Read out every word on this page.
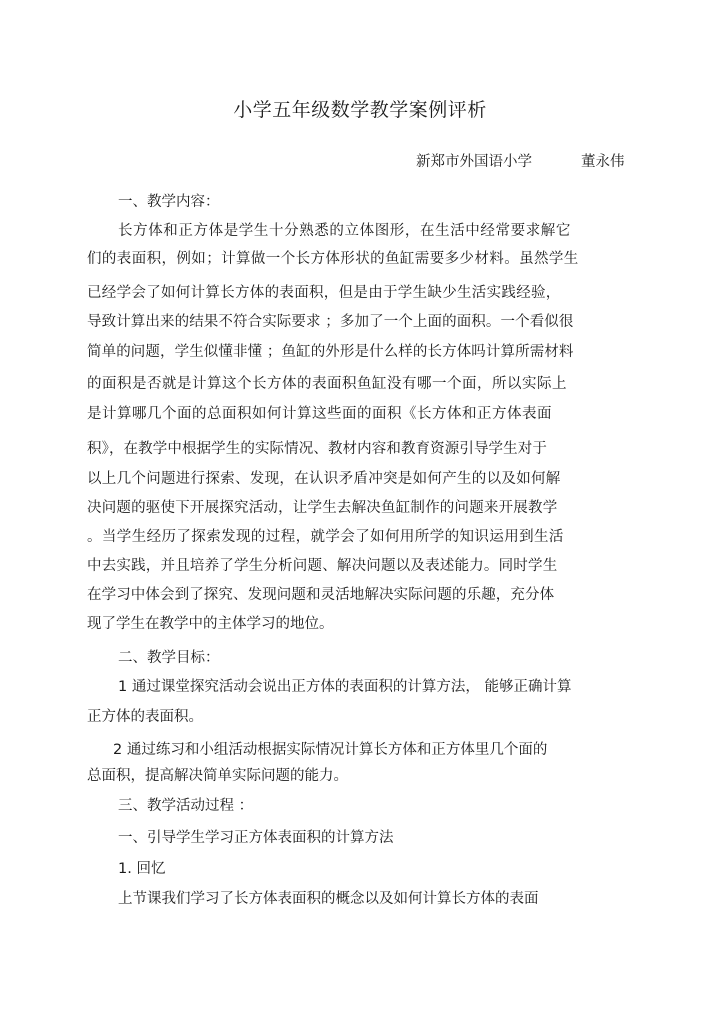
小学五年级数学教学案例评析
新郑市外国语小学	董永伟
一、教学内容：
长方体和正方体是学生十分熟悉的立体图形，在生活中经常要求解它
们的表面积，例如；计算做一个长方体形状的鱼缸需要多少材料。虽然学生
已经学会了如何计算长方体的表面积，但是由于学生缺少生活实践经验，
导致计算出来的结果不符合实际要求 ；多加了一个上面的面积。一个看似很
简单的问题，学生似懂非懂 ；鱼缸的外形是什么样的长方体吗计算所需材料
的面积是否就是计算这个长方体的表面积鱼缸没有哪一个面，所以实际上
是计算哪几个面的总面积如何计算这些面的面积《长方体和正方体表面
积》，在教学中根据学生的实际情况、教材内容和教育资源引导学生对于
以上几个问题进行探索、发现，在认识矛盾冲突是如何产生的以及如何解
决问题的驱使下开展探究活动，让学生去解决鱼缸制作的问题来开展教学
。当学生经历了探索发现的过程，就学会了如何用所学的知识运用到生活
中去实践，并且培养了学生分析问题、解决问题以及表述能力。同时学生
在学习中体会到了探究、发现问题和灵活地解决实际问题的乐趣，充分体
现了学生在教学中的主体学习的地位。
二、教学目标：
1 通过课堂探究活动会说出正方体的表面积的计算方法， 能够正确计算
正方体的表面积。
2 通过练习和小组活动根据实际情况计算长方体和正方体里几个面的
总面积，提高解决简单实际问题的能力。
三、教学活动过程 ：
一、引导学生学习正方体表面积的计算方法
1. 回忆
上节课我们学习了长方体表面积的概念以及如何计算长方体的表面
